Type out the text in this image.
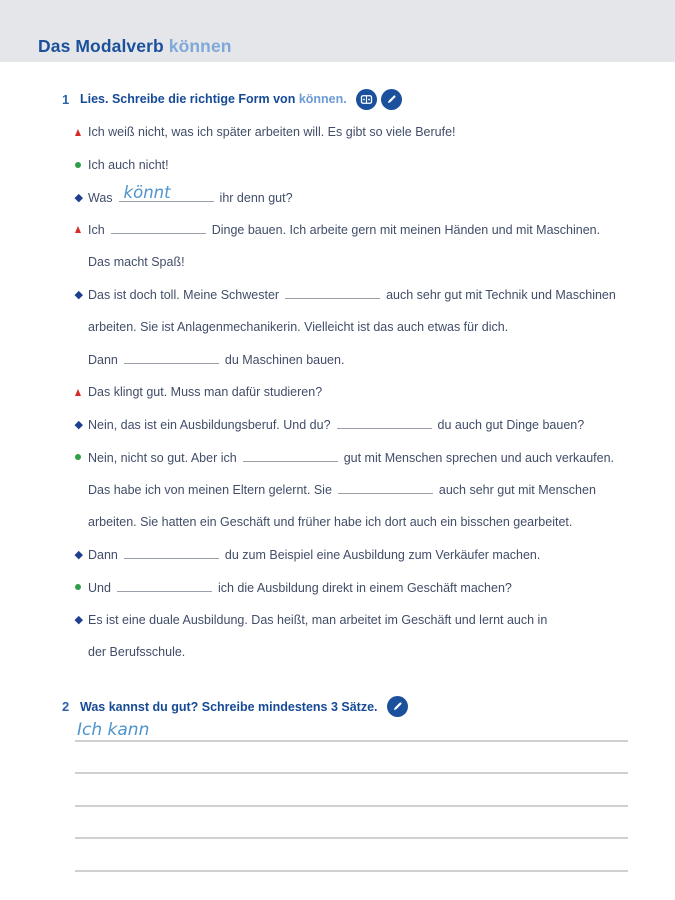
Das Modalverb können
1 Lies. Schreibe die richtige Form von können.
Ich weiß nicht, was ich später arbeiten will. Es gibt so viele Berufe!
Ich auch nicht!
Was könnt	ihr denn gut?
Ich	Dinge bauen. Ich arbeite gern mit meinen Händen und mit Maschinen.
Das macht Spaß!
Das ist doch toll. Meine Schwester	auch sehr gut mit Technik und Maschinen
arbeiten. Sie ist Anlagenmechanikerin. Vielleicht ist das auch etwas für dich.
Dann	du Maschinen bauen.
Das klingt gut. Muss man dafür studieren?
Nein, das ist ein Ausbildungsberuf. Und du?	du auch gut Dinge bauen?
Nein, nicht so gut. Aber ich	gut mit Menschen sprechen und auch verkaufen.
Das habe ich von meinen Eltern gelernt. Sie	auch sehr gut mit Menschen
arbeiten. Sie hatten ein Geschäft und früher habe ich dort auch ein bisschen gearbeitet.
Dann	du zum Beispiel eine Ausbildung zum Verkäufer machen.
Und	ich die Ausbildung direkt in einem Geschäft machen?
Es ist eine duale Ausbildung. Das heißt, man arbeitet im Geschäft und lernt auch in
der Berufsschule.
2 Was kannst du gut? Schreibe mindestens 3 Sätze.
Ich kann
